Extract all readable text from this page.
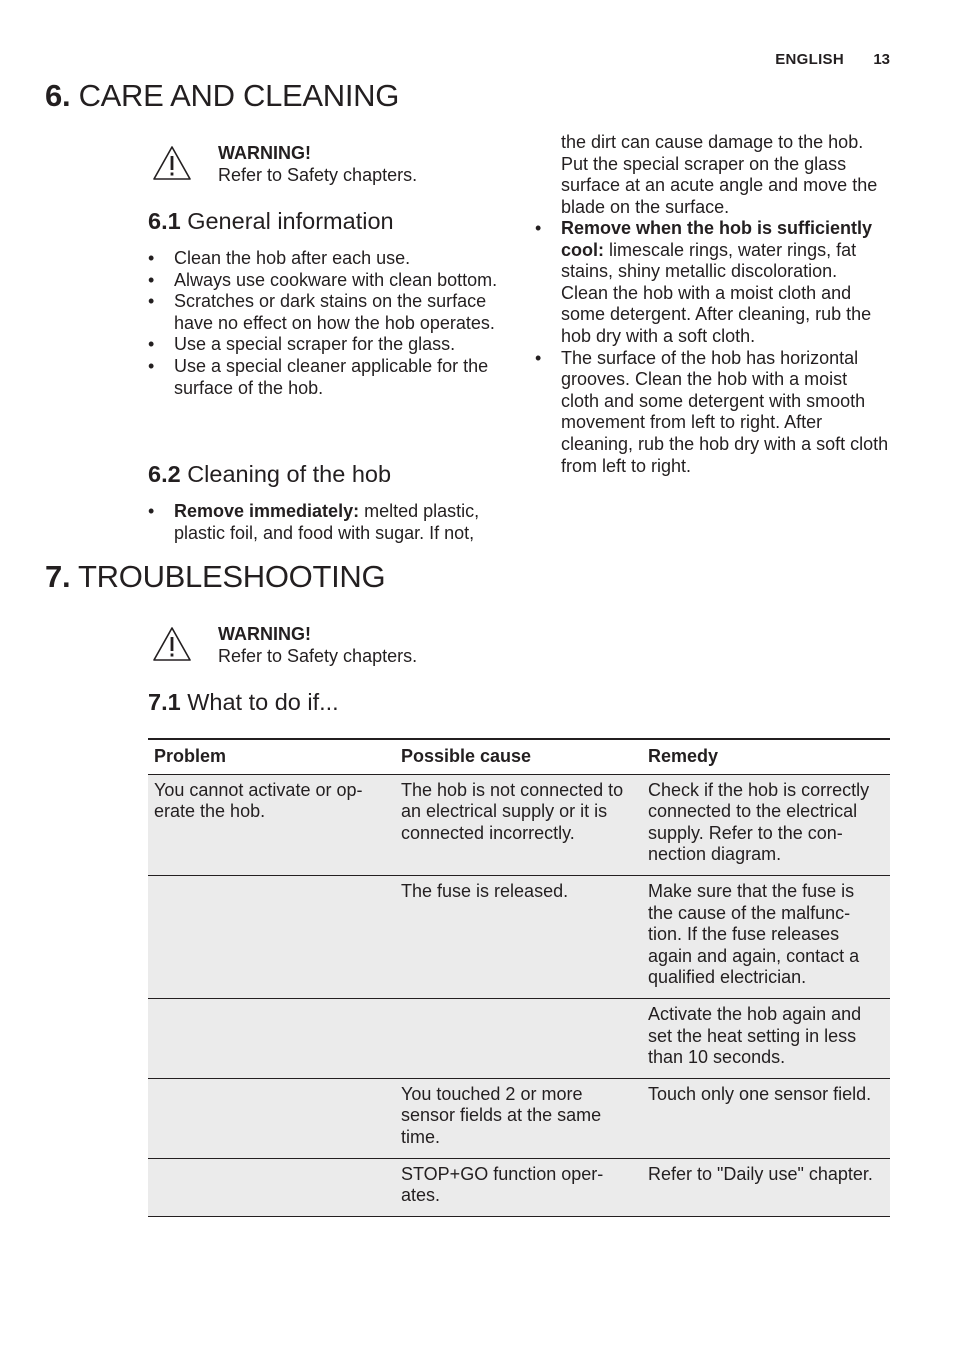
ENGLISH 13
6. CARE AND CLEANING
WARNING!
Refer to Safety chapters.
6.1 General information
• Clean the hob after each use.
• Always use cookware with clean bottom.
• Scratches or dark stains on the surface have no effect on how the hob operates.
• Use a special scraper for the glass.
• Use a special cleaner applicable for the surface of the hob.
6.2 Cleaning of the hob
• Remove immediately: melted plastic, plastic foil, and food with sugar. If not,

the dirt can cause damage to the hob. Put the special scraper on the glass surface at an acute angle and move the blade on the surface.

• Remove when the hob is sufficiently cool: limescale rings, water rings, fat stains, shiny metallic discoloration. Clean the hob with a moist cloth and some detergent. After cleaning, rub the hob dry with a soft cloth.
• The surface of the hob has horizontal grooves. Clean the hob with a moist cloth and some detergent with smooth movement from left to right. After cleaning, rub the hob dry with a soft cloth from left to right.
7. TROUBLESHOOTING
WARNING!
Refer to Safety chapters.
7.1 What to do if...
Problem	Possible cause	Remedy
You cannot activate or op-erate the hob.	The hob is not connected to an electrical supply or it is connected incorrectly.	Check if the hob is correctly connected to the electrical supply. Refer to the con-nection diagram.
	The fuse is released.	Make sure that the fuse is the cause of the malfunc-tion. If the fuse releases again and again, contact a qualified electrician.
		Activate the hob again and set the heat setting in less than 10 seconds.
	You touched 2 or more sensor fields at the same time.	Touch only one sensor field.
	STOP+GO function oper-ates.	Refer to "Daily use" chapter.
